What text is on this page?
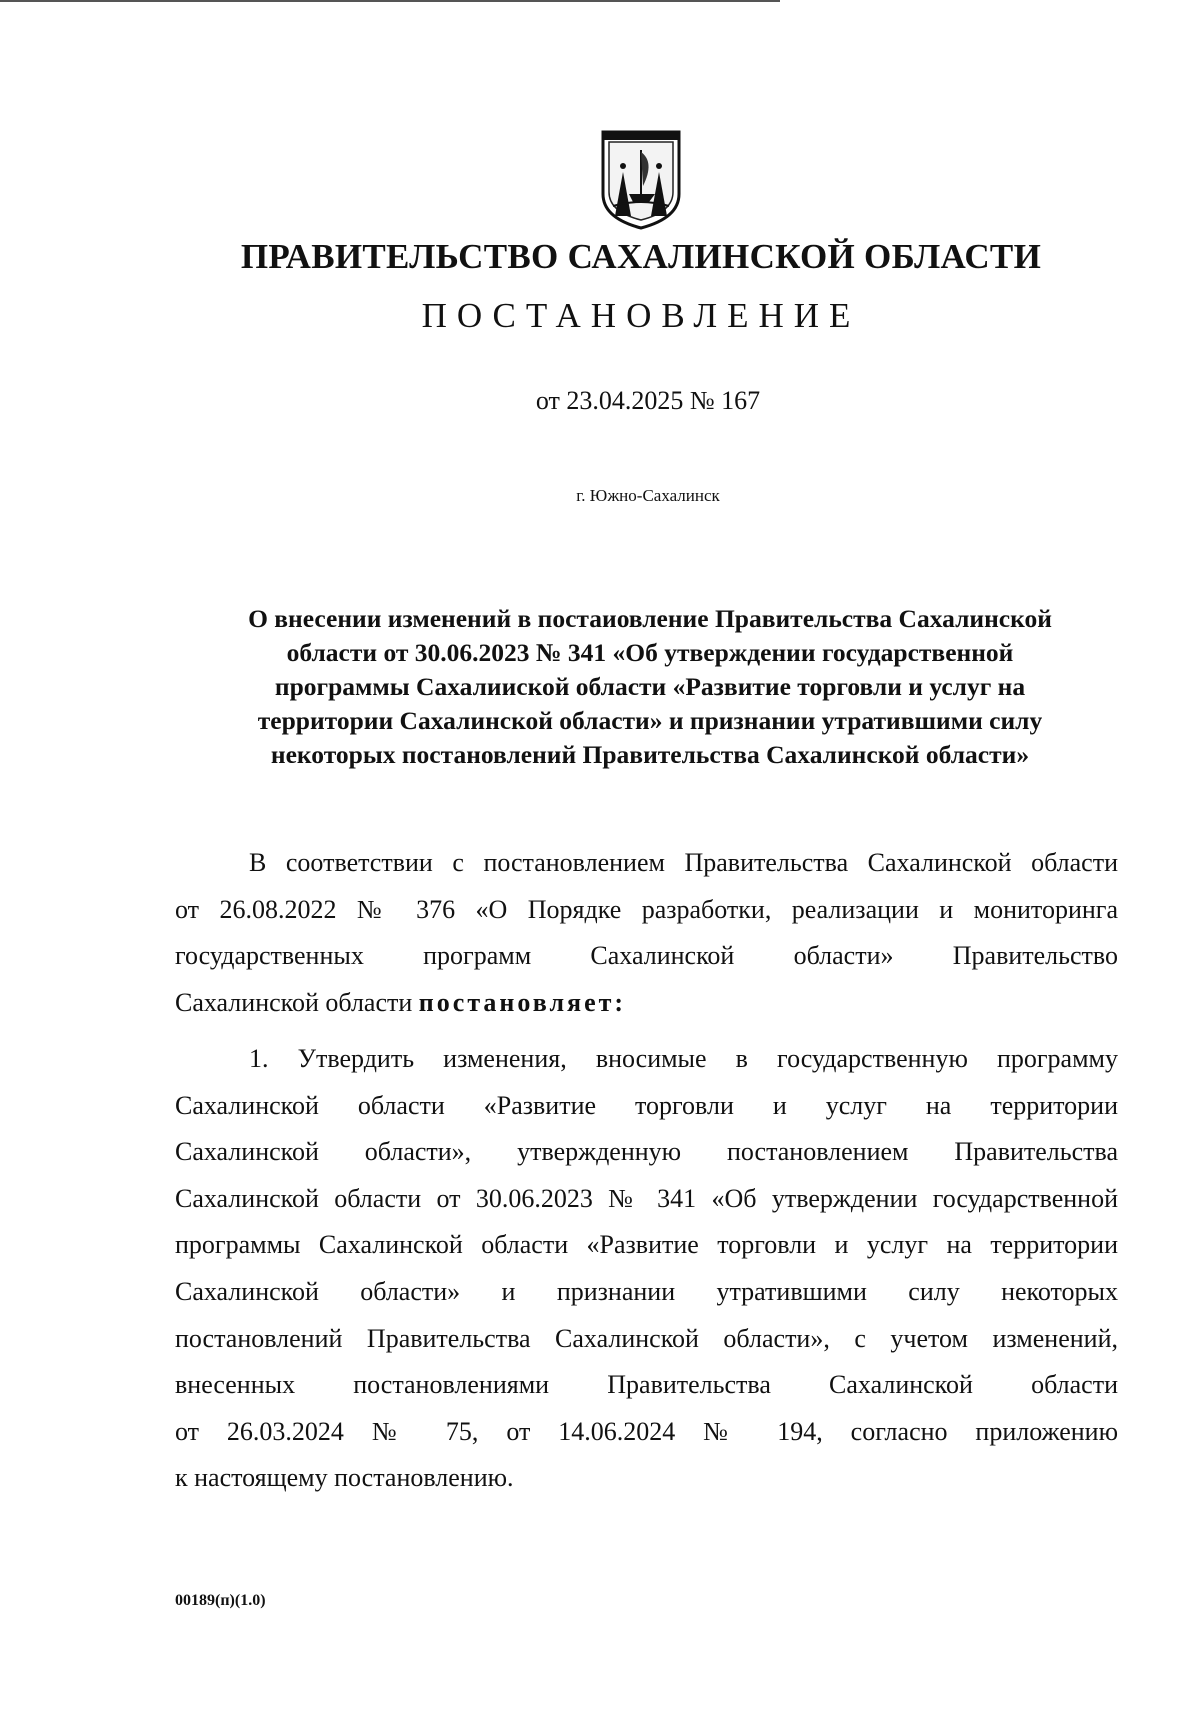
ПРАВИТЕЛЬСТВО САХАЛИНСКОЙ ОБЛАСТИ
ПОСТАНОВЛЕНИЕ
от 23.04.2025 № 167
г. Южно-Сахалинск
О внесении изменений в постаиовление Правительства Сахалинской
области от 30.06.2023 № 341 «Об утверждении государственной
программы Сахалииской области «Развитие торговли и услуг на
территории Сахалинской области» и признании утратившими силу
некоторых постановлений Правительства Сахалинской области»
В соответствии с постановлением Правительства Сахалинской области
от 26.08.2022 № 376 «О Порядке разработки, реализации и мониторинга
государственных программ Сахалинской области» Правительство
Сахалинской области постановляет:
1. Утвердить изменения, вносимые в государственную программу
Сахалинской области «Развитие торговли и услуг на территории
Сахалинской области», утвержденную постановлением Правительства
Сахалинской области от 30.06.2023 № 341 «Об утверждении государственной
программы Сахалинской области «Развитие торговли и услуг на территории
Сахалинской области» и признании утратившими силу некоторых
постановлений Правительства Сахалинской области», с учетом изменений,
внесенных постановлениями Правительства Сахалинской области
от 26.03.2024 № 75, от 14.06.2024 № 194, согласно приложению
к настоящему постановлению.
00189(п)(1.0)
